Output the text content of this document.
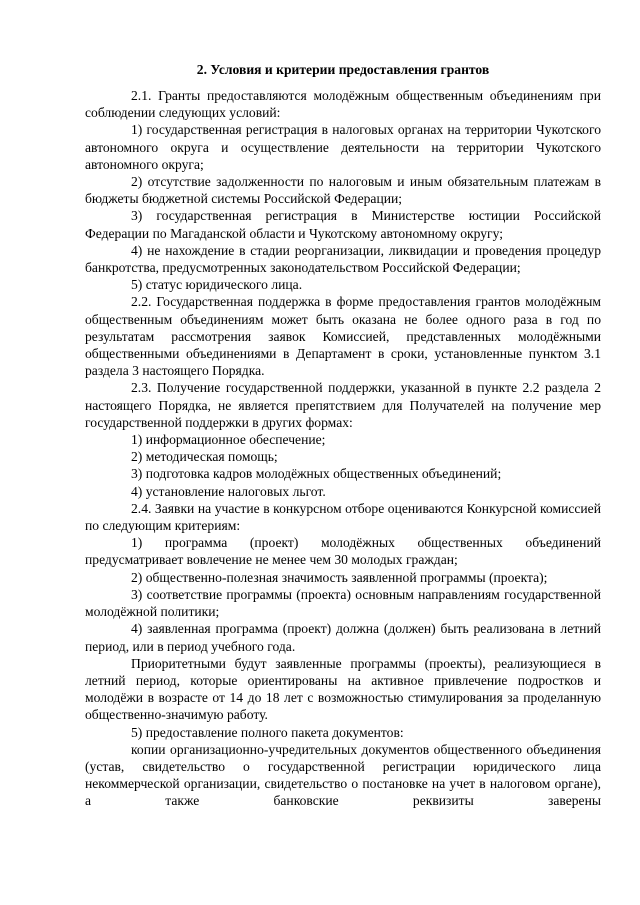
2. Условия и критерии предоставления грантов

2.1. Гранты предоставляются молодёжным общественным объединениям при соблюдении следующих условий:

1) государственная регистрация в налоговых органах на территории Чукотского автономного округа и осуществление деятельности на территории Чукотского автономного округа;

2) отсутствие задолженности по налоговым и иным обязательным платежам в бюджеты бюджетной системы Российской Федерации;

3) государственная регистрация в Министерстве юстиции Российской Федерации по Магаданской области и Чукотскому автономному округу;

4) не нахождение в стадии реорганизации, ликвидации и проведения процедур банкротства, предусмотренных законодательством Российской Федерации;

5) статус юридического лица.

2.2. Государственная поддержка в форме предоставления грантов молодёжным общественным объединениям может быть оказана не более одного раза в год по результатам рассмотрения заявок Комиссией, представленных молодёжными общественными объединениями в Департамент в сроки, установленные пунктом 3.1 раздела 3 настоящего Порядка.

2.3. Получение государственной поддержки, указанной в пункте 2.2 раздела 2 настоящего Порядка, не является препятствием для Получателей на получение мер государственной поддержки в других формах:

1) информационное обеспечение;

2) методическая помощь;

3) подготовка кадров молодёжных общественных объединений;

4) установление налоговых льгот.

2.4. Заявки на участие в конкурсном отборе оцениваются Конкурсной комиссией по следующим критериям:

1) программа (проект) молодёжных общественных объединений предусматривает вовлечение не менее чем 30 молодых граждан;

2) общественно-полезная значимость заявленной программы (проекта);

3) соответствие программы (проекта) основным направлениям государственной молодёжной политики;

4) заявленная программа (проект) должна (должен) быть реализована в летний период, или в период учебного года.

Приоритетными будут заявленные программы (проекты), реализующиеся в летний период, которые ориентированы на активное привлечение подростков и молодёжи в возрасте от 14 до 18 лет с возможностью стимулирования за проделанную общественно-значимую работу.

5) предоставление полного пакета документов:

копии организационно-учредительных документов общественного объединения (устав, свидетельство о государственной регистрации юридического лица некоммерческой организации, свидетельство о постановке на учет в налоговом органе), а также банковские реквизиты заверены
